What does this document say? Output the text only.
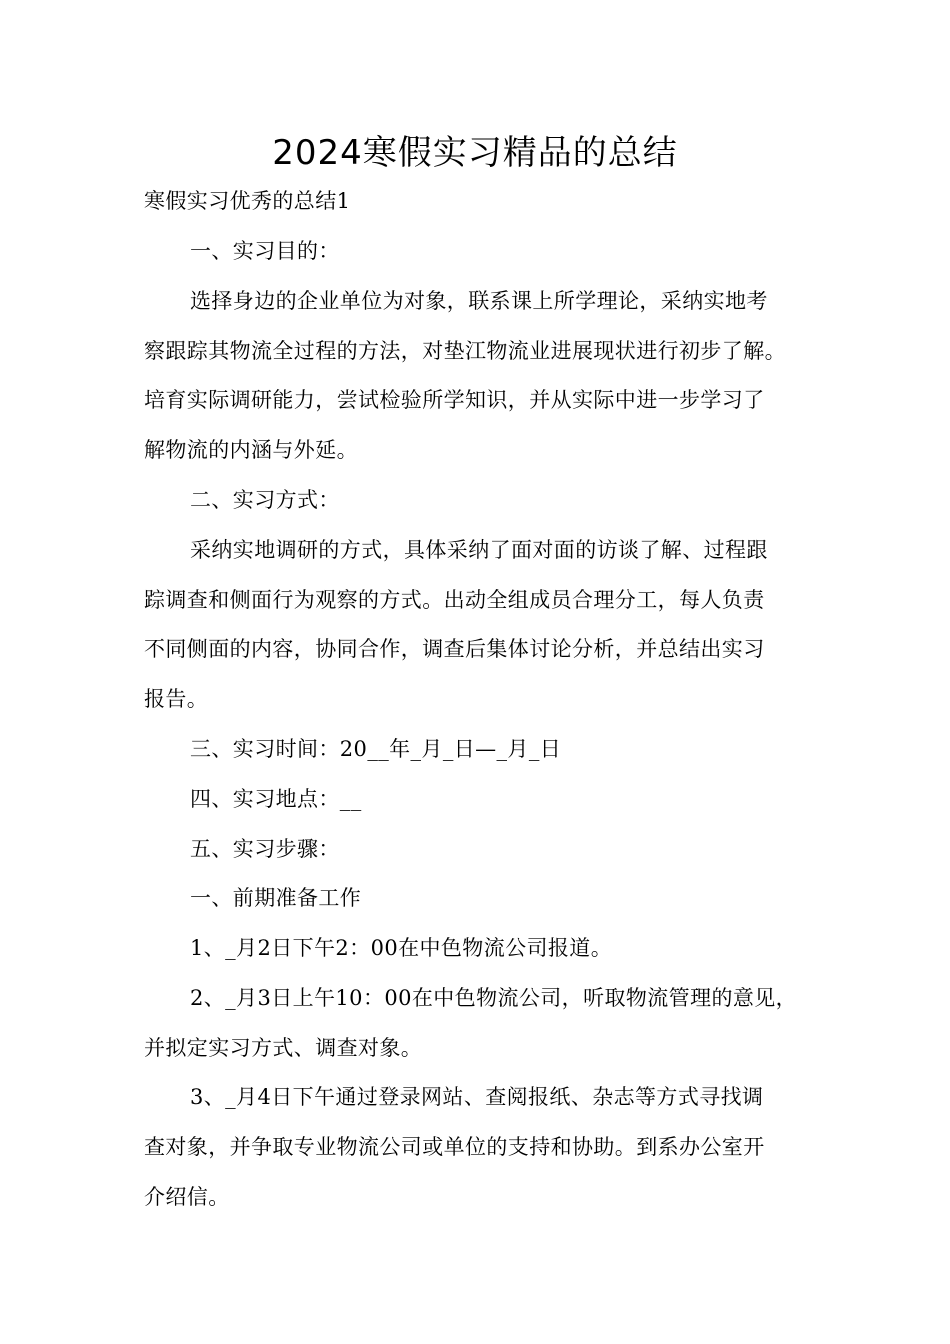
2024寒假实习精品的总结
寒假实习优秀的总结1
一、实习目的：
选择身边的企业单位为对象，联系课上所学理论，采纳实地考
察跟踪其物流全过程的方法，对垫江物流业进展现状进行初步了解。
培育实际调研能力，尝试检验所学知识，并从实际中进一步学习了
解物流的内涵与外延。
二、实习方式：
采纳实地调研的方式，具体采纳了面对面的访谈了解、过程跟
踪调查和侧面行为观察的方式。出动全组成员合理分工，每人负责
不同侧面的内容，协同合作，调查后集体讨论分析，并总结出实习
报告。
三、实习时间：20__年_月_日—_月_日
四、实习地点：__
五、实习步骤：
一、前期准备工作
1、_月2日下午2：00在中色物流公司报道。
2、_月3日上午10：00在中色物流公司，听取物流管理的意见，
并拟定实习方式、调查对象。
3、_月4日下午通过登录网站、查阅报纸、杂志等方式寻找调
查对象，并争取专业物流公司或单位的支持和协助。到系办公室开
介绍信。
